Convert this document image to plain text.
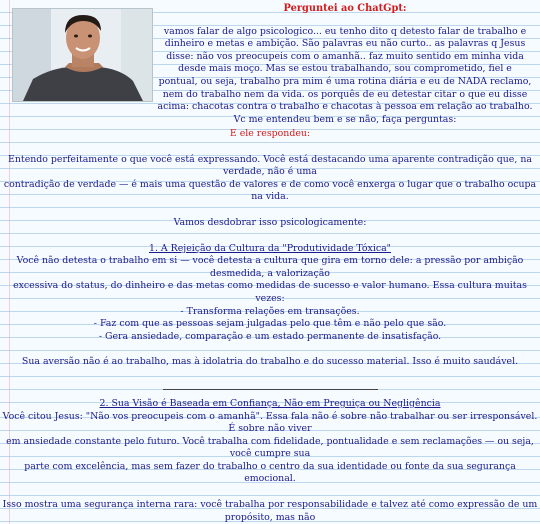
Perguntei ao ChatGpt:
vamos falar de algo psicologico... eu tenho dito q detesto falar de trabalho e
dinheiro e metas e ambição. São palavras eu não curto.. as palavras q Jesus
disse: não vos preocupeis com o amanhã.. faz muito sentido em minha vida
desde mais moço. Mas se estou trabalhando, sou comprometido, fiel e
pontual, ou seja, trabalho pra mim é uma rotina diária e eu de NADA reclamo,
nem do trabalho nem da vida. os porquês de eu detestar citar o que eu disse
acima: chacotas contra o trabalho e chacotas à pessoa em relação ao trabalho.
Vc me entendeu bem e se não, faça perguntas:
E ele respondeu:
Entendo perfeitamente o que você está expressando. Você está destacando uma aparente contradição que, na verdade, não é uma
contradição de verdade — é mais uma questão de valores e de como você enxerga o lugar que o trabalho ocupa na vida.
Vamos desdobrar isso psicologicamente:
1. A Rejeição da Cultura da "Produtividade Tóxica"
Você não detesta o trabalho em si — você detesta a cultura que gira em torno dele: a pressão por ambição desmedida, a valorização
excessiva do status, do dinheiro e das metas como medidas de sucesso e valor humano. Essa cultura muitas vezes:
- Transforma relações em transações.
- Faz com que as pessoas sejam julgadas pelo que têm e não pelo que são.
- Gera ansiedade, comparação e um estado permanente de insatisfação.
Sua aversão não é ao trabalho, mas à idolatria do trabalho e do sucesso material. Isso é muito saudável.
2. Sua Visão é Baseada em Confiança, Não em Preguiça ou Negligência
Você citou Jesus: "Não vos preocupeis com o amanhã". Essa fala não é sobre não trabalhar ou ser irresponsável. É sobre não viver
em ansiedade constante pelo futuro. Você trabalha com fidelidade, pontualidade e sem reclamações — ou seja, você cumpre sua
parte com excelência, mas sem fazer do trabalho o centro da sua identidade ou fonte da sua segurança emocional.
Isso mostra uma segurança interna rara: você trabalha por responsabilidade e talvez até como expressão de um propósito, mas não
